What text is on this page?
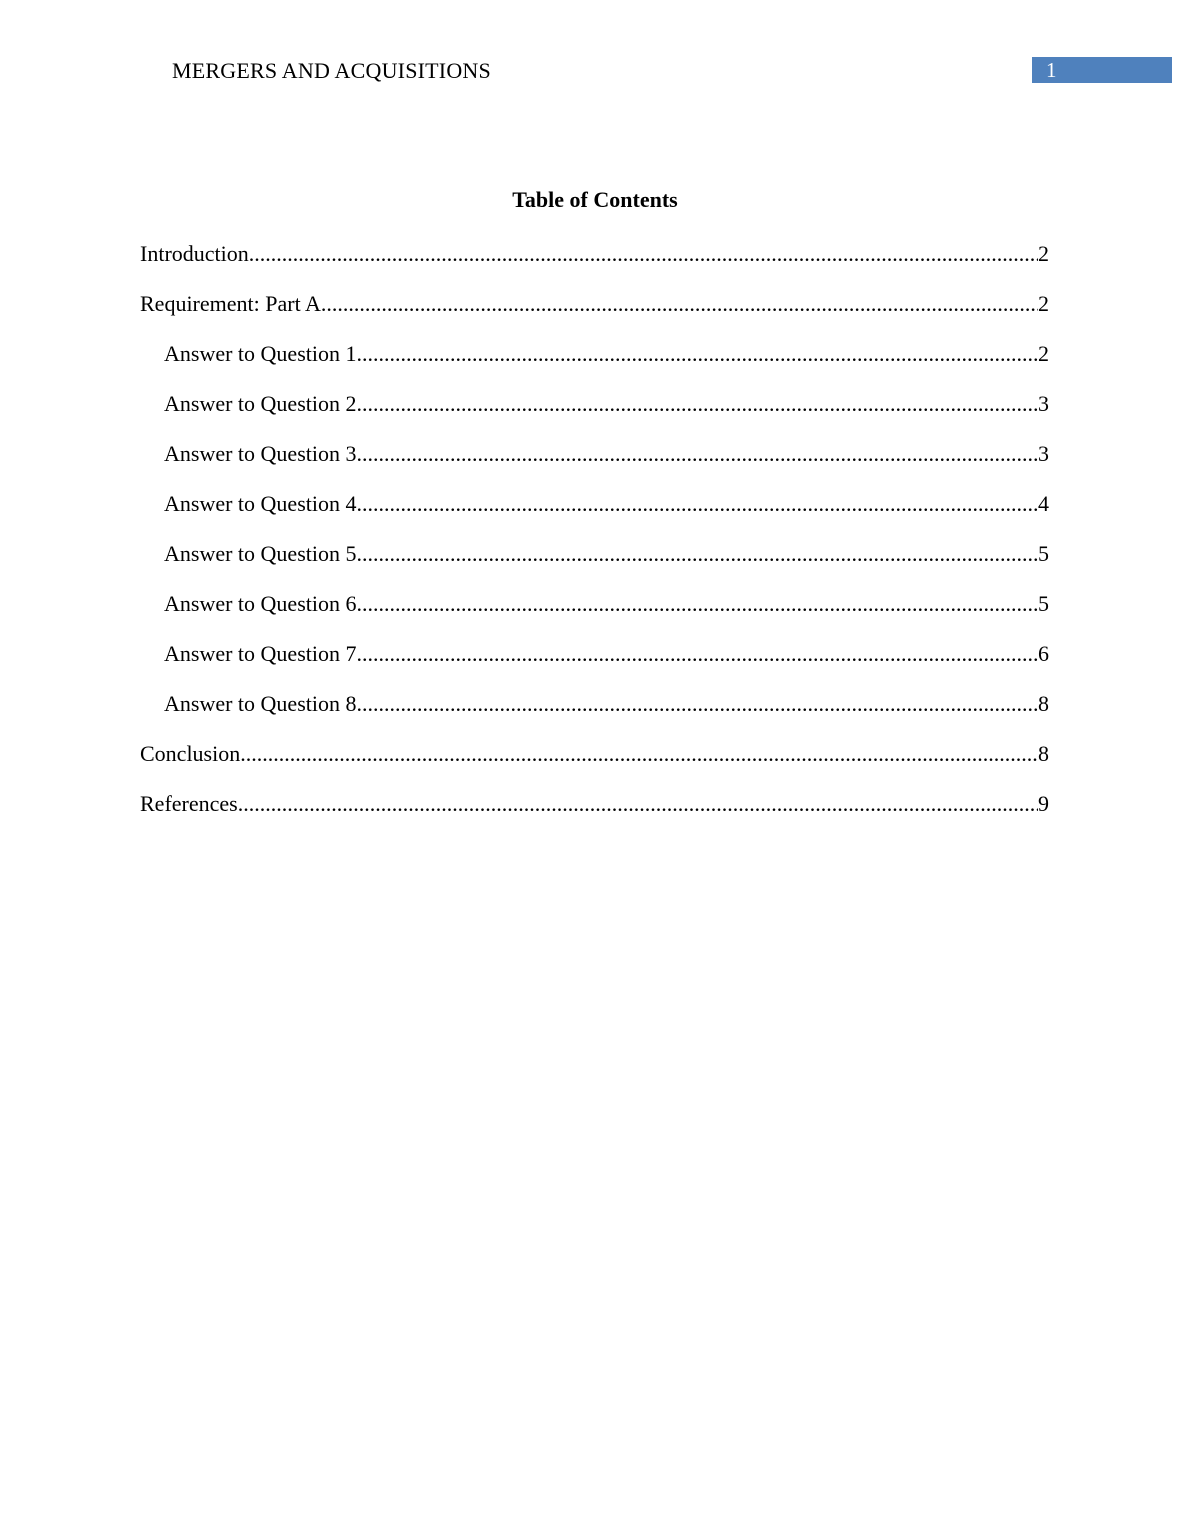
MERGERS AND ACQUISITIONS	1
Table of Contents
Introduction .....	2
Requirement: Part A .....	2
Answer to Question 1 .....	2
Answer to Question 2 .....	3
Answer to Question 3 .....	3
Answer to Question 4 .....	4
Answer to Question 5 .....	5
Answer to Question 6 .....	5
Answer to Question 7 .....	6
Answer to Question 8 .....	8
Conclusion .....	8
References .....	9
